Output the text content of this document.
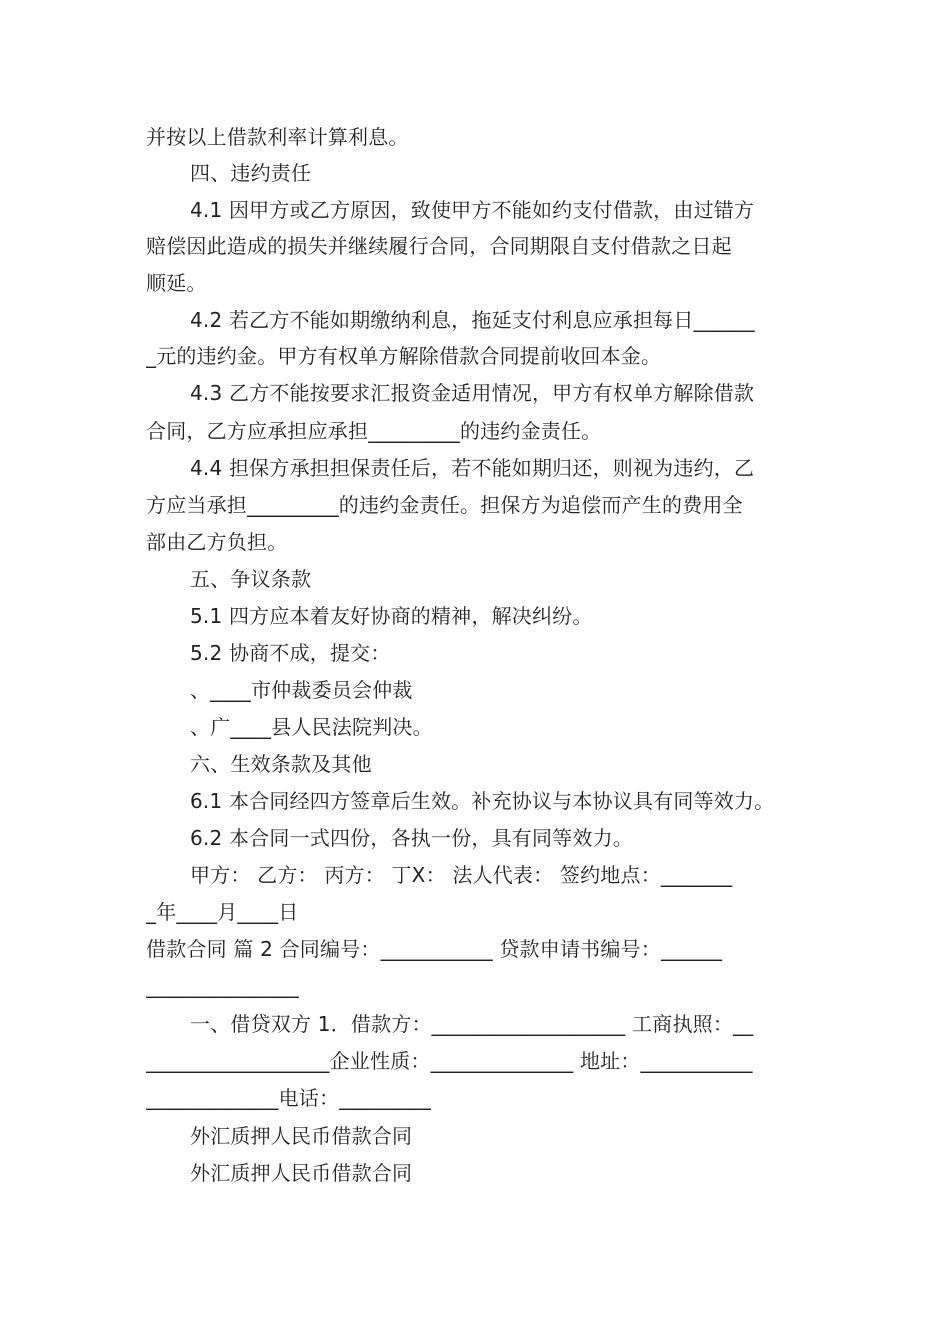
并按以上借款利率计算利息。
四、违约责任
4.1 因甲方或乙方原因，致使甲方不能如约支付借款，由过错方
赔偿因此造成的损失并继续履行合同，合同期限自支付借款之日起
顺延。
4.2 若乙方不能如期缴纳利息，拖延支付利息应承担每日______
_元的违约金。甲方有权单方解除借款合同提前收回本金。
4.3 乙方不能按要求汇报资金适用情况，甲方有权单方解除借款
合同，乙方应承担应承担_________的违约金责任。
4.4 担保方承担担保责任后，若不能如期归还，则视为违约，乙
方应当承担_________的违约金责任。担保方为追偿而产生的费用全
部由乙方负担。
五、争议条款
5.1 四方应本着友好协商的精神，解决纠纷。
5.2 协商不成，提交：
、____市仲裁委员会仲裁
、广____县人民法院判决。
六、生效条款及其他
6.1 本合同经四方签章后生效。补充协议与本协议具有同等效力。
6.2 本合同一式四份，各执一份，具有同等效力。
甲方： 乙方： 丙方： 丁X： 法人代表： 签约地点：_______
_年____月____日
借款合同 篇 2 合同编号：___________ 贷款申请书编号：______
_______________
一、借贷双方 1．借款方：___________________ 工商执照：__
__________________企业性质：______________ 地址：___________
_____________电话：_________
外汇质押人民币借款合同
外汇质押人民币借款合同
